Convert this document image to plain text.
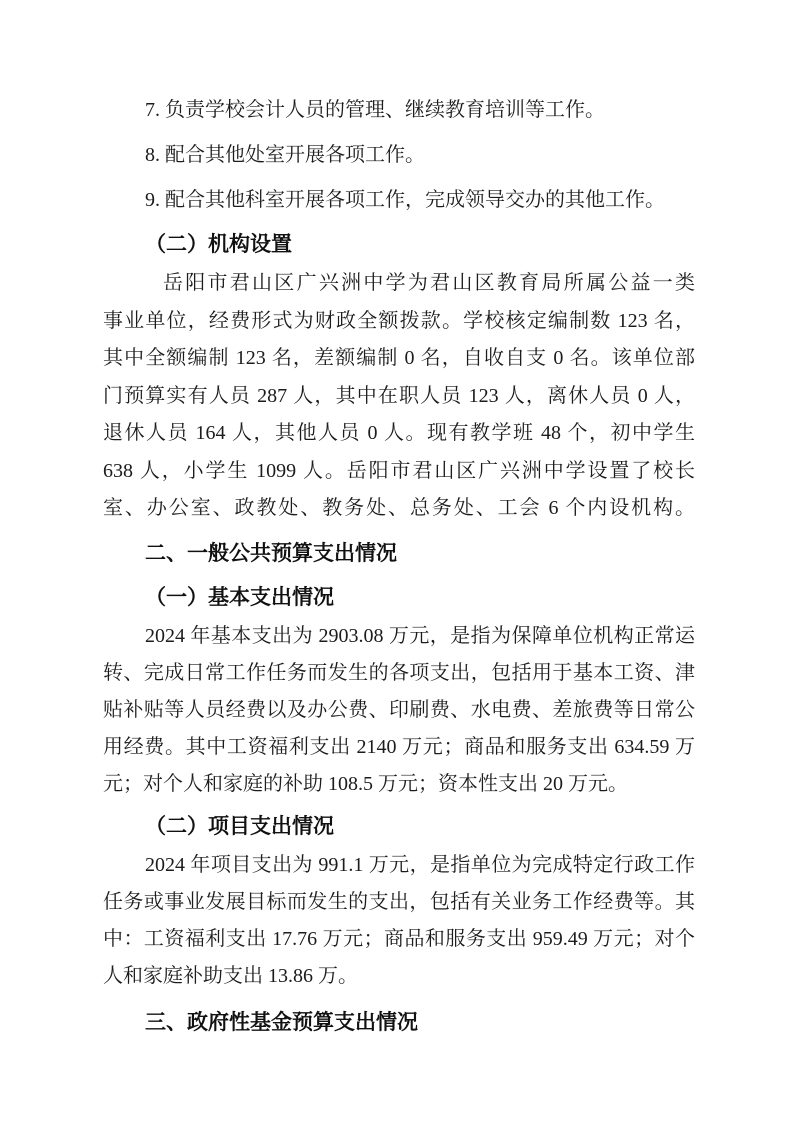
7. 负责学校会计人员的管理、继续教育培训等工作。
8. 配合其他处室开展各项工作。
9. 配合其他科室开展各项工作，完成领导交办的其他工作。
（二）机构设置
岳阳市君山区广兴洲中学为君山区教育局所属公益一类
事业单位，经费形式为财政全额拨款。学校核定编制数 123 名，
其中全额编制 123 名，差额编制 0 名，自收自支 0 名。该单位部
门预算实有人员 287 人，其中在职人员 123 人，离休人员 0 人，
退休人员 164 人，其他人员 0 人。现有教学班 48 个，初中学生
638 人，小学生 1099 人。岳阳市君山区广兴洲中学设置了校长
室、办公室、政教处、教务处、总务处、工会 6 个内设机构。
二、一般公共预算支出情况
（一）基本支出情况
2024 年基本支出为 2903.08 万元，是指为保障单位机构正常运
转、完成日常工作任务而发生的各项支出，包括用于基本工资、津
贴补贴等人员经费以及办公费、印刷费、水电费、差旅费等日常公
用经费。其中工资福利支出 2140 万元；商品和服务支出 634.59 万
元；对个人和家庭的补助 108.5 万元；资本性支出 20 万元。
（二）项目支出情况
2024 年项目支出为 991.1 万元，是指单位为完成特定行政工作
任务或事业发展目标而发生的支出，包括有关业务工作经费等。其
中：工资福利支出 17.76 万元；商品和服务支出 959.49 万元；对个
人和家庭补助支出 13.86 万。
三、政府性基金预算支出情况
